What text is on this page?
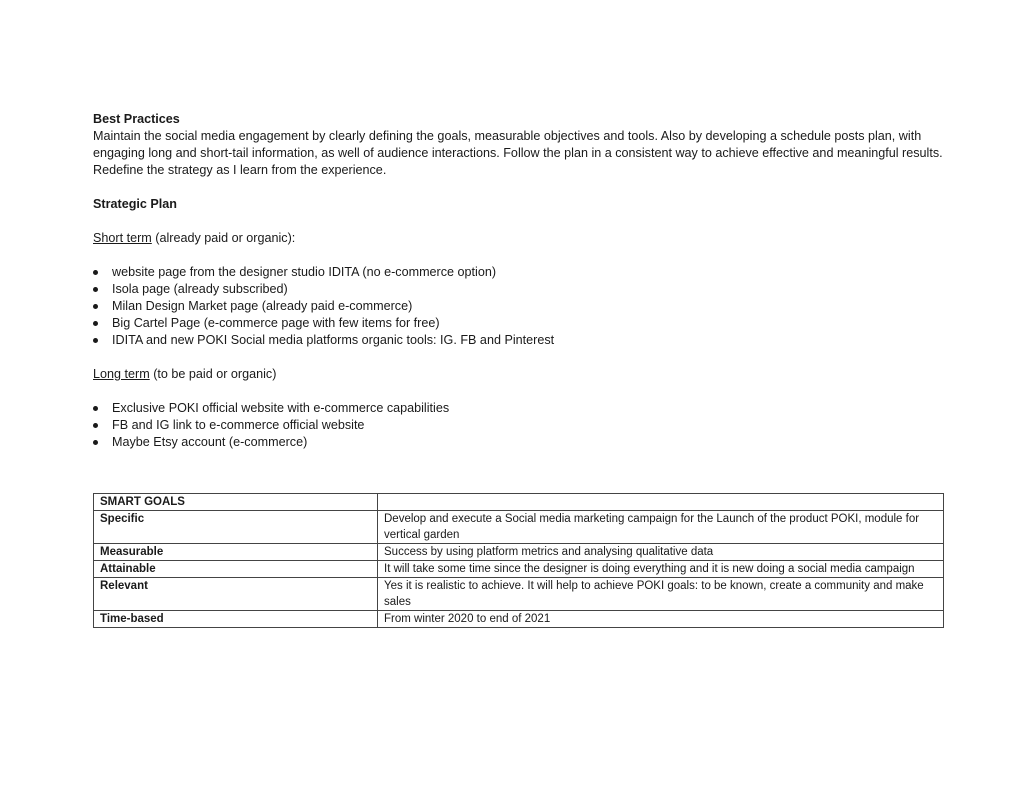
Best Practices

Maintain the social media engagement by clearly defining the goals, measurable objectives and tools. Also by developing a schedule posts plan, with engaging long and short-tail information, as well of audience interactions. Follow the plan in a consistent way to achieve effective and meaningful results. Redefine the strategy as I learn from the experience.

Strategic Plan
Short term (already paid or organic):
website page from the designer studio IDITA (no e-commerce option)
Isola page (already subscribed)
Milan Design Market page (already paid e-commerce)
Big Cartel Page (e-commerce page with few items for free)
IDITA and new POKI Social media platforms organic tools: IG. FB and Pinterest
Long term (to be paid or organic)
Exclusive POKI official website with e-commerce capabilities
FB and IG link to e-commerce official website
Maybe Etsy account (e-commerce)
SMART GOALS	
Specific	Develop and execute a Social media marketing campaign for the Launch of the product POKI, module for vertical garden
Measurable	Success by using platform metrics and analysing qualitative data
Attainable	It will take some time since the designer is doing everything and it is new doing a social media campaign
Relevant	Yes it is realistic to achieve. It will help to achieve POKI goals: to be known, create a community and make sales
Time-based	From winter 2020 to end of 2021
